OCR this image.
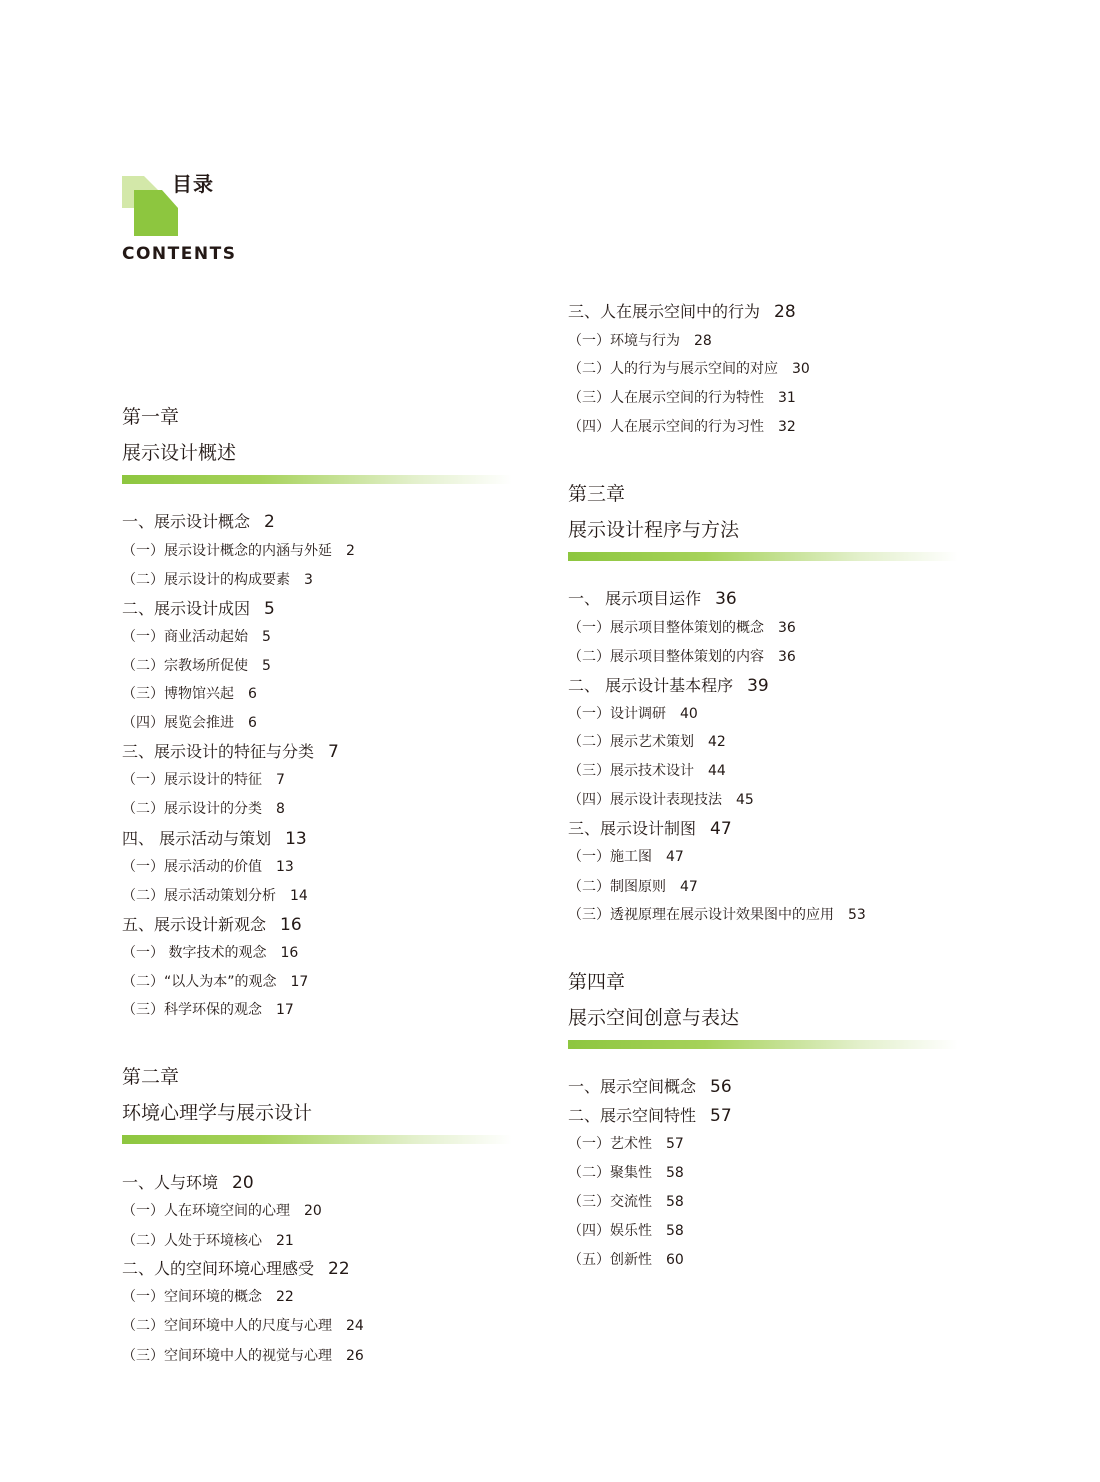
目录
CONTENTS
第一章
展示设计概述
一、展示设计概念 2
（一）展示设计概念的内涵与外延 2
（二）展示设计的构成要素 3
二、展示设计成因 5
（一）商业活动起始 5
（二）宗教场所促使 5
（三）博物馆兴起 6
（四）展览会推进 6
三、展示设计的特征与分类 7
（一）展示设计的特征 7
（二）展示设计的分类 8
四、 展示活动与策划 13
（一）展示活动的价值 13
（二）展示活动策划分析 14
五、展示设计新观念 16
（一） 数字技术的观念 16
（二）“以人为本”的观念 17
（三）科学环保的观念 17
第二章
环境心理学与展示设计
一、人与环境 20
（一）人在环境空间的心理 20
（二）人处于环境核心 21
二、人的空间环境心理感受 22
（一）空间环境的概念 22
（二）空间环境中人的尺度与心理 24
（三）空间环境中人的视觉与心理 26
三、人在展示空间中的行为 28
（一）环境与行为 28
（二）人的行为与展示空间的对应 30
（三）人在展示空间的行为特性 31
（四）人在展示空间的行为习性 32
第三章
展示设计程序与方法
一、 展示项目运作 36
（一）展示项目整体策划的概念 36
（二）展示项目整体策划的内容 36
二、 展示设计基本程序 39
（一）设计调研 40
（二）展示艺术策划 42
（三）展示技术设计 44
（四）展示设计表现技法 45
三、展示设计制图 47
（一）施工图 47
（二）制图原则 47
（三）透视原理在展示设计效果图中的应用 53
第四章
展示空间创意与表达
一、展示空间概念 56
二、展示空间特性 57
（一）艺术性 57
（二）聚集性 58
（三）交流性 58
（四）娱乐性 58
（五）创新性 60
